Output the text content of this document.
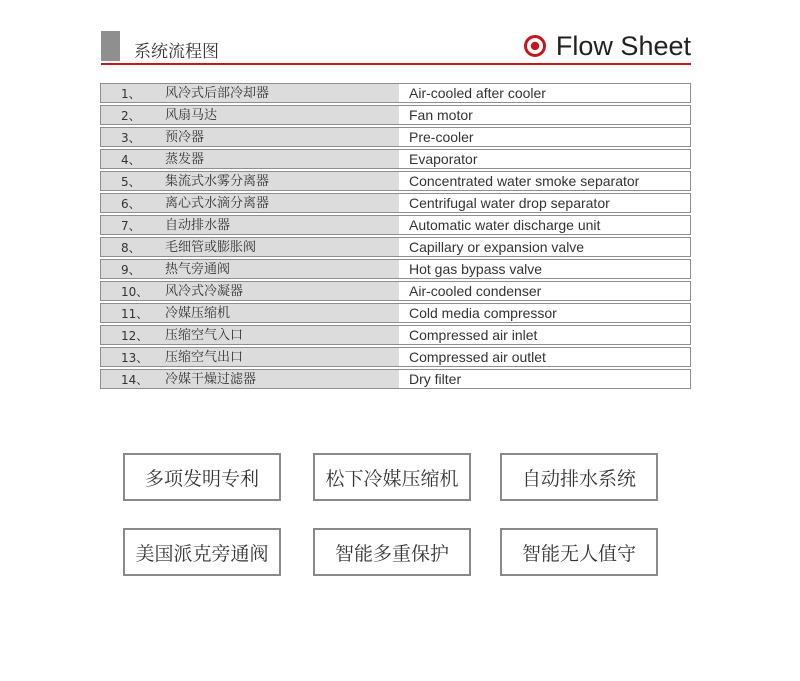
系统流程图	Flow Sheet
1、	风冷式后部冷却器	Air-cooled after cooler
2、	风扇马达	Fan motor
3、	预冷器	Pre-cooler
4、	蒸发器	Evaporator
5、	集流式水雾分离器	Concentrated water smoke separator
6、	离心式水滴分离器	Centrifugal water drop separator
7、	自动排水器	Automatic water discharge unit
8、	毛细管或膨胀阀	Capillary or expansion valve
9、	热气旁通阀	Hot gas bypass valve
10、	风冷式冷凝器	Air-cooled condenser
11、	冷媒压缩机	Cold media compressor
12、	压缩空气入口	Compressed air inlet
13、	压缩空气出口	Compressed air outlet
14、	冷媒干燥过滤器	Dry filter
多项发明专利	松下冷媒压缩机	自动排水系统
美国派克旁通阀	智能多重保护	智能无人值守
